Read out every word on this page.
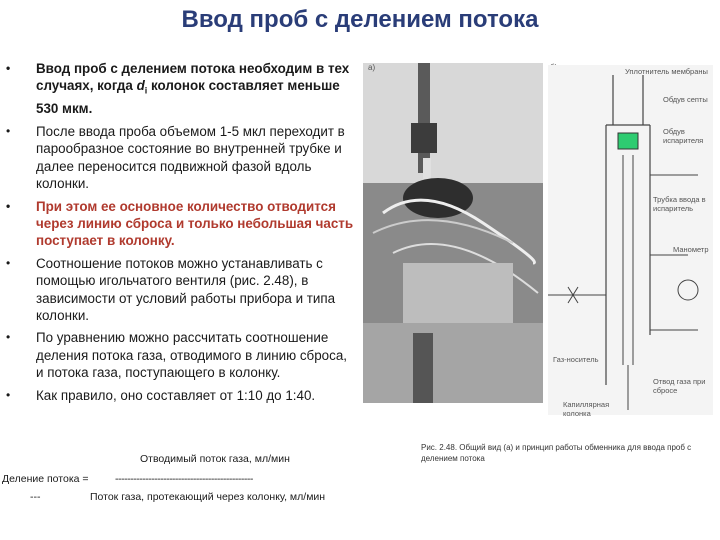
Ввод проб с делением потока
• Ввод проб с делением потока необходим в тех случаях, когда $d_i$ колонок составляет меньше 530 мкм.
• После ввода проба объемом 1-5 мкл переходит в парообразное состояние во внутренней трубке и далее переносится подвижной фазой вдоль колонки.
• При этом ее основное количество отводится через линию сброса и только небольшая часть поступает в колонку.
• Соотношение потоков можно устанавливать с помощью игольчатого вентиля (рис. 2.48), в зависимости от условий работы прибора и типа колонки.
• По уравнению можно рассчитать соотношение деления потока газа, отводимого в линию сброса, и потока газа, поступающего в колонку.
• Как правило, оно составляет от 1:10 до 1:40.
Отводимый поток газа, мл/мин
Деление потока =	----------------------------------------------
---	Поток газа, протекающий через колонку, мл/мин
а)	Уплотнитель мембраны
Обдув септы
Обдув испарителя
Трубка ввода в испаритель
Манометр
Газ-носитель
Отвод газа при сбросе
Капиллярная колонка
Рис. 2.48. Общий вид (а) и принцип работы обменника для ввода проб с делением потока
